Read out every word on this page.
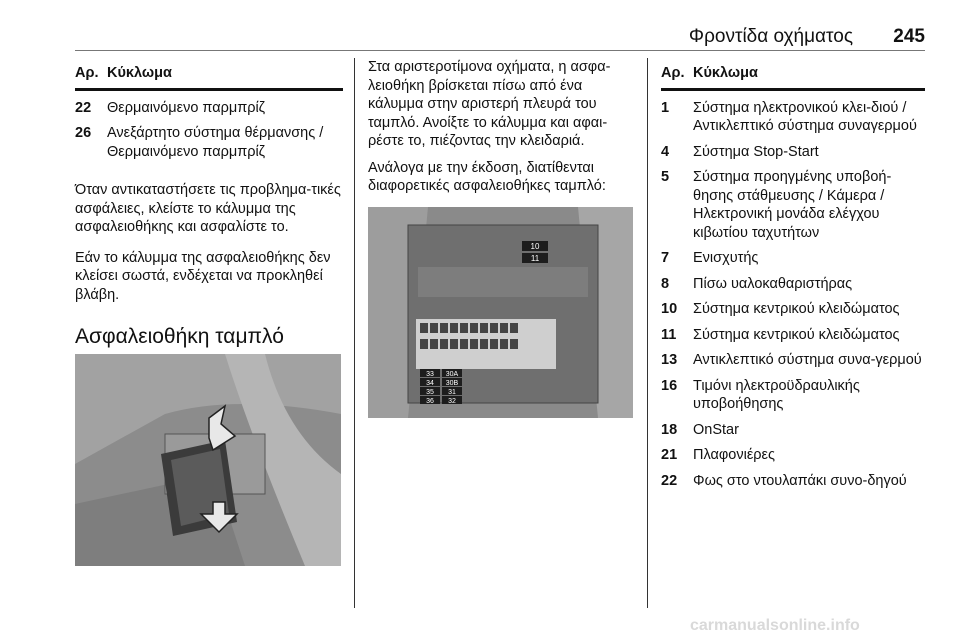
Φροντίδα οχήματος 245
Αρ. Κύκλωμα
22	Θερμαινόμενο παρμπρίζ
26	Ανεξάρτητο σύστημα θέρμανσης / Θερμαινόμενο παρμπρίζ

Όταν αντικαταστήσετε τις προβλημα-τικές ασφάλειες, κλείστε το κάλυμμα της ασφαλειοθήκης και ασφαλίστε το.

Εάν το κάλυμμα της ασφαλειοθήκης δεν κλείσει σωστά, ενδέχεται να προκληθεί βλάβη.

Ασφαλειοθήκη ταμπλό

Στα αριστεροτίμονα οχήματα, η ασφα-λειοθήκη βρίσκεται πίσω από ένα κάλυμμα στην αριστερή πλευρά του ταμπλό. Ανοίξτε το κάλυμμα και αφαι-ρέστε το, πιέζοντας την κλειδαριά.

Ανάλογα με την έκδοση, διατίθενται διαφορετικές ασφαλειοθήκες ταμπλό:

10
11
33 30A
34 30B
35 31
36 32
Αρ. Κύκλωμα
1	Σύστημα ηλεκτρονικού κλει-διού / Αντικλεπτικό σύστημα συναγερμού
4	Σύστημα Stop-Start
5	Σύστημα προηγμένης υποβοή-θησης στάθμευσης / Κάμερα / Ηλεκτρονική μονάδα ελέγχου κιβωτίου ταχυτήτων
7	Ενισχυτής
8	Πίσω υαλοκαθαριστήρας
10	Σύστημα κεντρικού κλειδώματος
11	Σύστημα κεντρικού κλειδώματος
13	Αντικλεπτικό σύστημα συνα-γερμού
16	Τιμόνι ηλεκτροϋδραυλικής υποβοήθησης
18	OnStar
21	Πλαφονιέρες
22	Φως στο ντουλαπάκι συνο-δηγού
carmanualsonline.info
